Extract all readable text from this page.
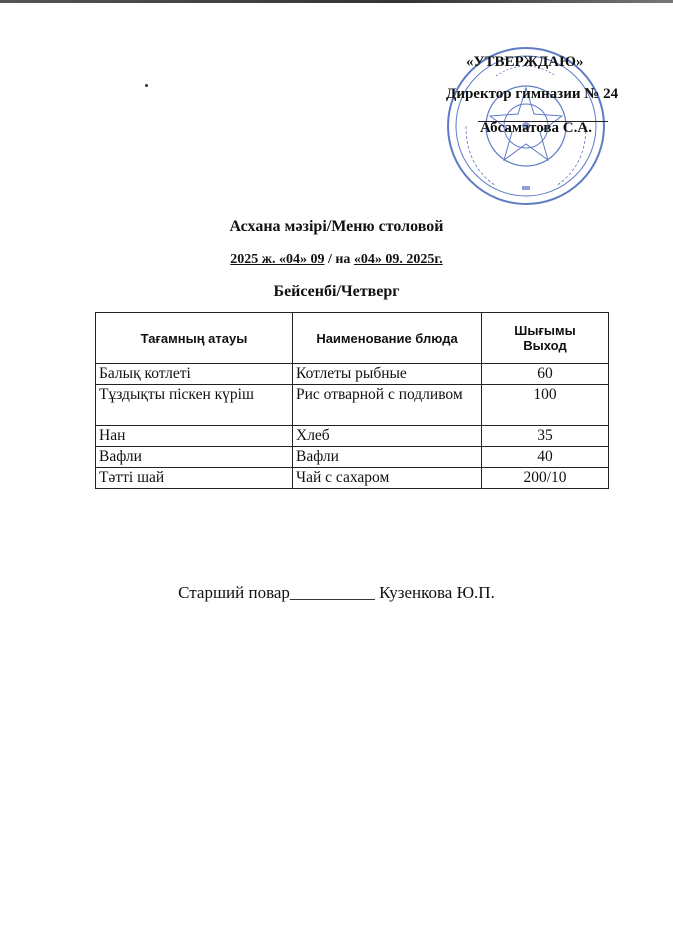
«УТВЕРЖДАЮ»
Директор гимназии № 24
Абсаматова С.А.
Асхана мәзірі/Меню столовой
2025 ж. «04» 09 / на «04» 09. 2025г.
Бейсенбі/Четверг
Тағамның атауы	Наименование блюда	Шығымы
Выход
Балық котлеті	Котлеты рыбные	60
Тұздықты піскен күріш	Рис отварной с подливом	100
Нан	Хлеб	35
Вафли	Вафли	40
Тәтті шай	Чай с сахаром	200/10
Старший повар__________ Кузенкова Ю.П.
